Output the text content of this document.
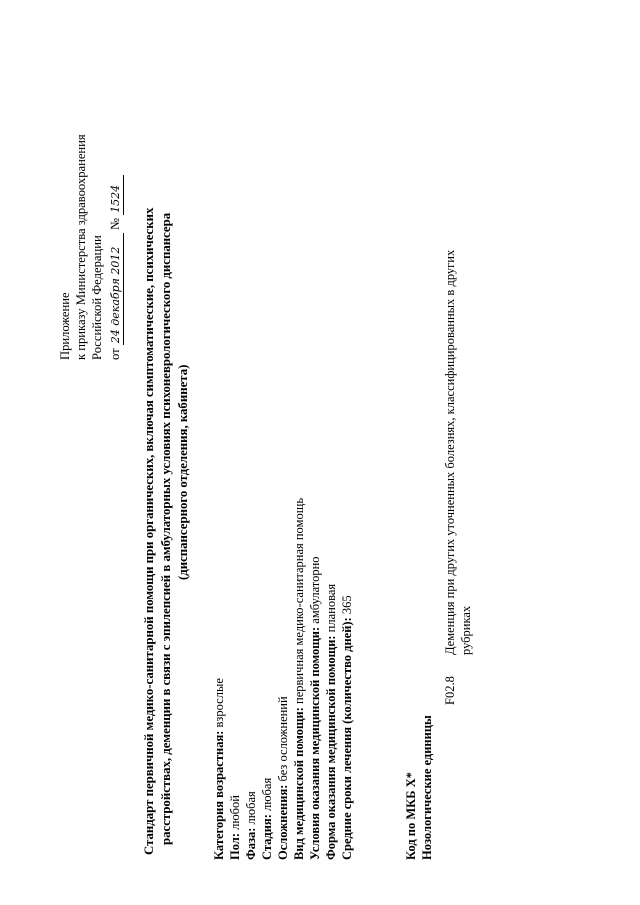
Приложение к приказу Министерства здравоохранения Российской Федерации от 24 декабря 2012 № 1524
Стандарт первичной медико-санитарной помощи при органических, включая симптоматические, психических расстройствах, деменции в связи с эпилепсией в амбулаторных условиях психоневрологического диспансера (диспансерного отделения, кабинета)
Категория возрастная: взрослые
Пол: любой
Фаза: любая
Стадия: любая Осложнения: без осложнений Вид медицинской помощи: первичная медико-санитарная помощь
Условия оказания медицинской помощи: амбулаторно
Форма оказания медицинской помощи: плановая
Средние сроки лечения (количество дней): 365
Код по МКБ X* Нозологические единицы
F02.8
Деменция при других уточненных болезнях, классифицированных в других рубриках
